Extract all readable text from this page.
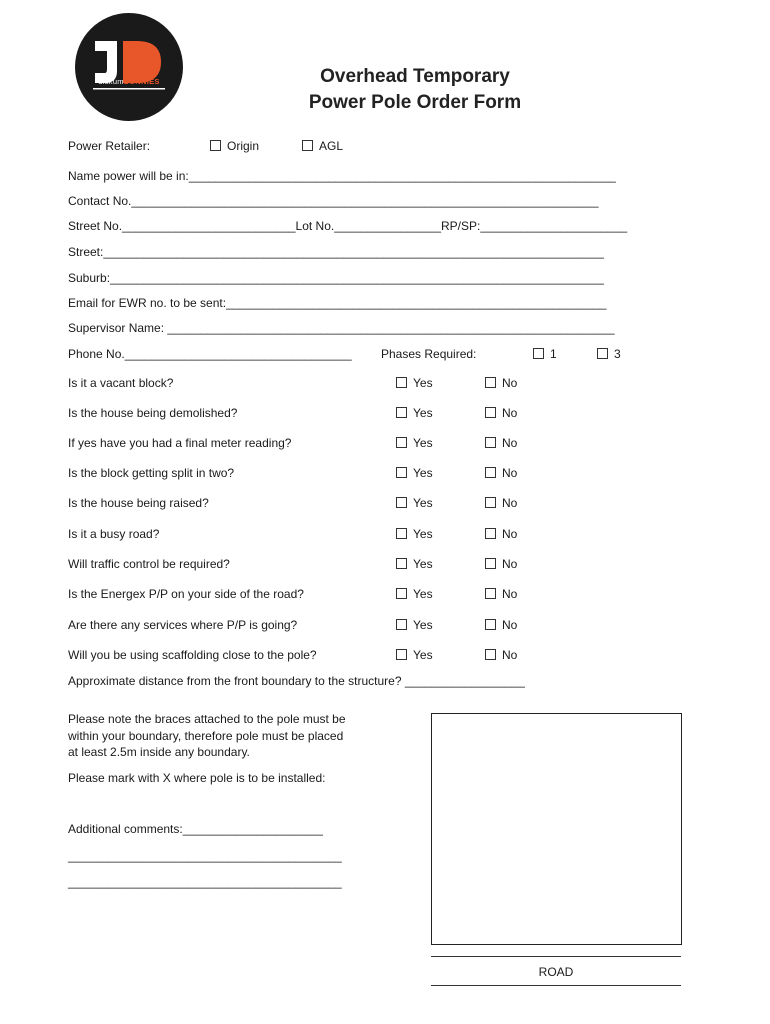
diskumDUNNIES	Overhead Temporary
Power Pole Order Form
Power Retailer:	Origin	AGL
Name power will be in:________________________________________________________________
Contact No.______________________________________________________________________
Street No.__________________________Lot No.________________RP/SP:______________________
Street:___________________________________________________________________________
Suburb:__________________________________________________________________________
Email for EWR no. to be sent:_________________________________________________________
Supervisor Name: ___________________________________________________________________
Phone No.__________________________________ Phases Required:	1	3
Is it a vacant block?	Yes	No
Is the house being demolished?	Yes	No
If yes have you had a final meter reading?	Yes	No
Is the block getting split in two?	Yes	No
Is the house being raised?	Yes	No
Is it a busy road?	Yes	No
Will traffic control be required?	Yes	No
Is the Energex P/P on your side of the road?	Yes	No
Are there any services where P/P is going?	Yes	No
Will you be using scaffolding close to the pole?	Yes	No
Approximate distance from the front boundary to the structure? __________________
Please note the braces attached to the pole must be
within your boundary, therefore pole must be placed
at least 2.5m inside any boundary.
Please mark with X where pole is to be installed:
Additional comments:_____________________
_________________________________________
_________________________________________
ROAD
